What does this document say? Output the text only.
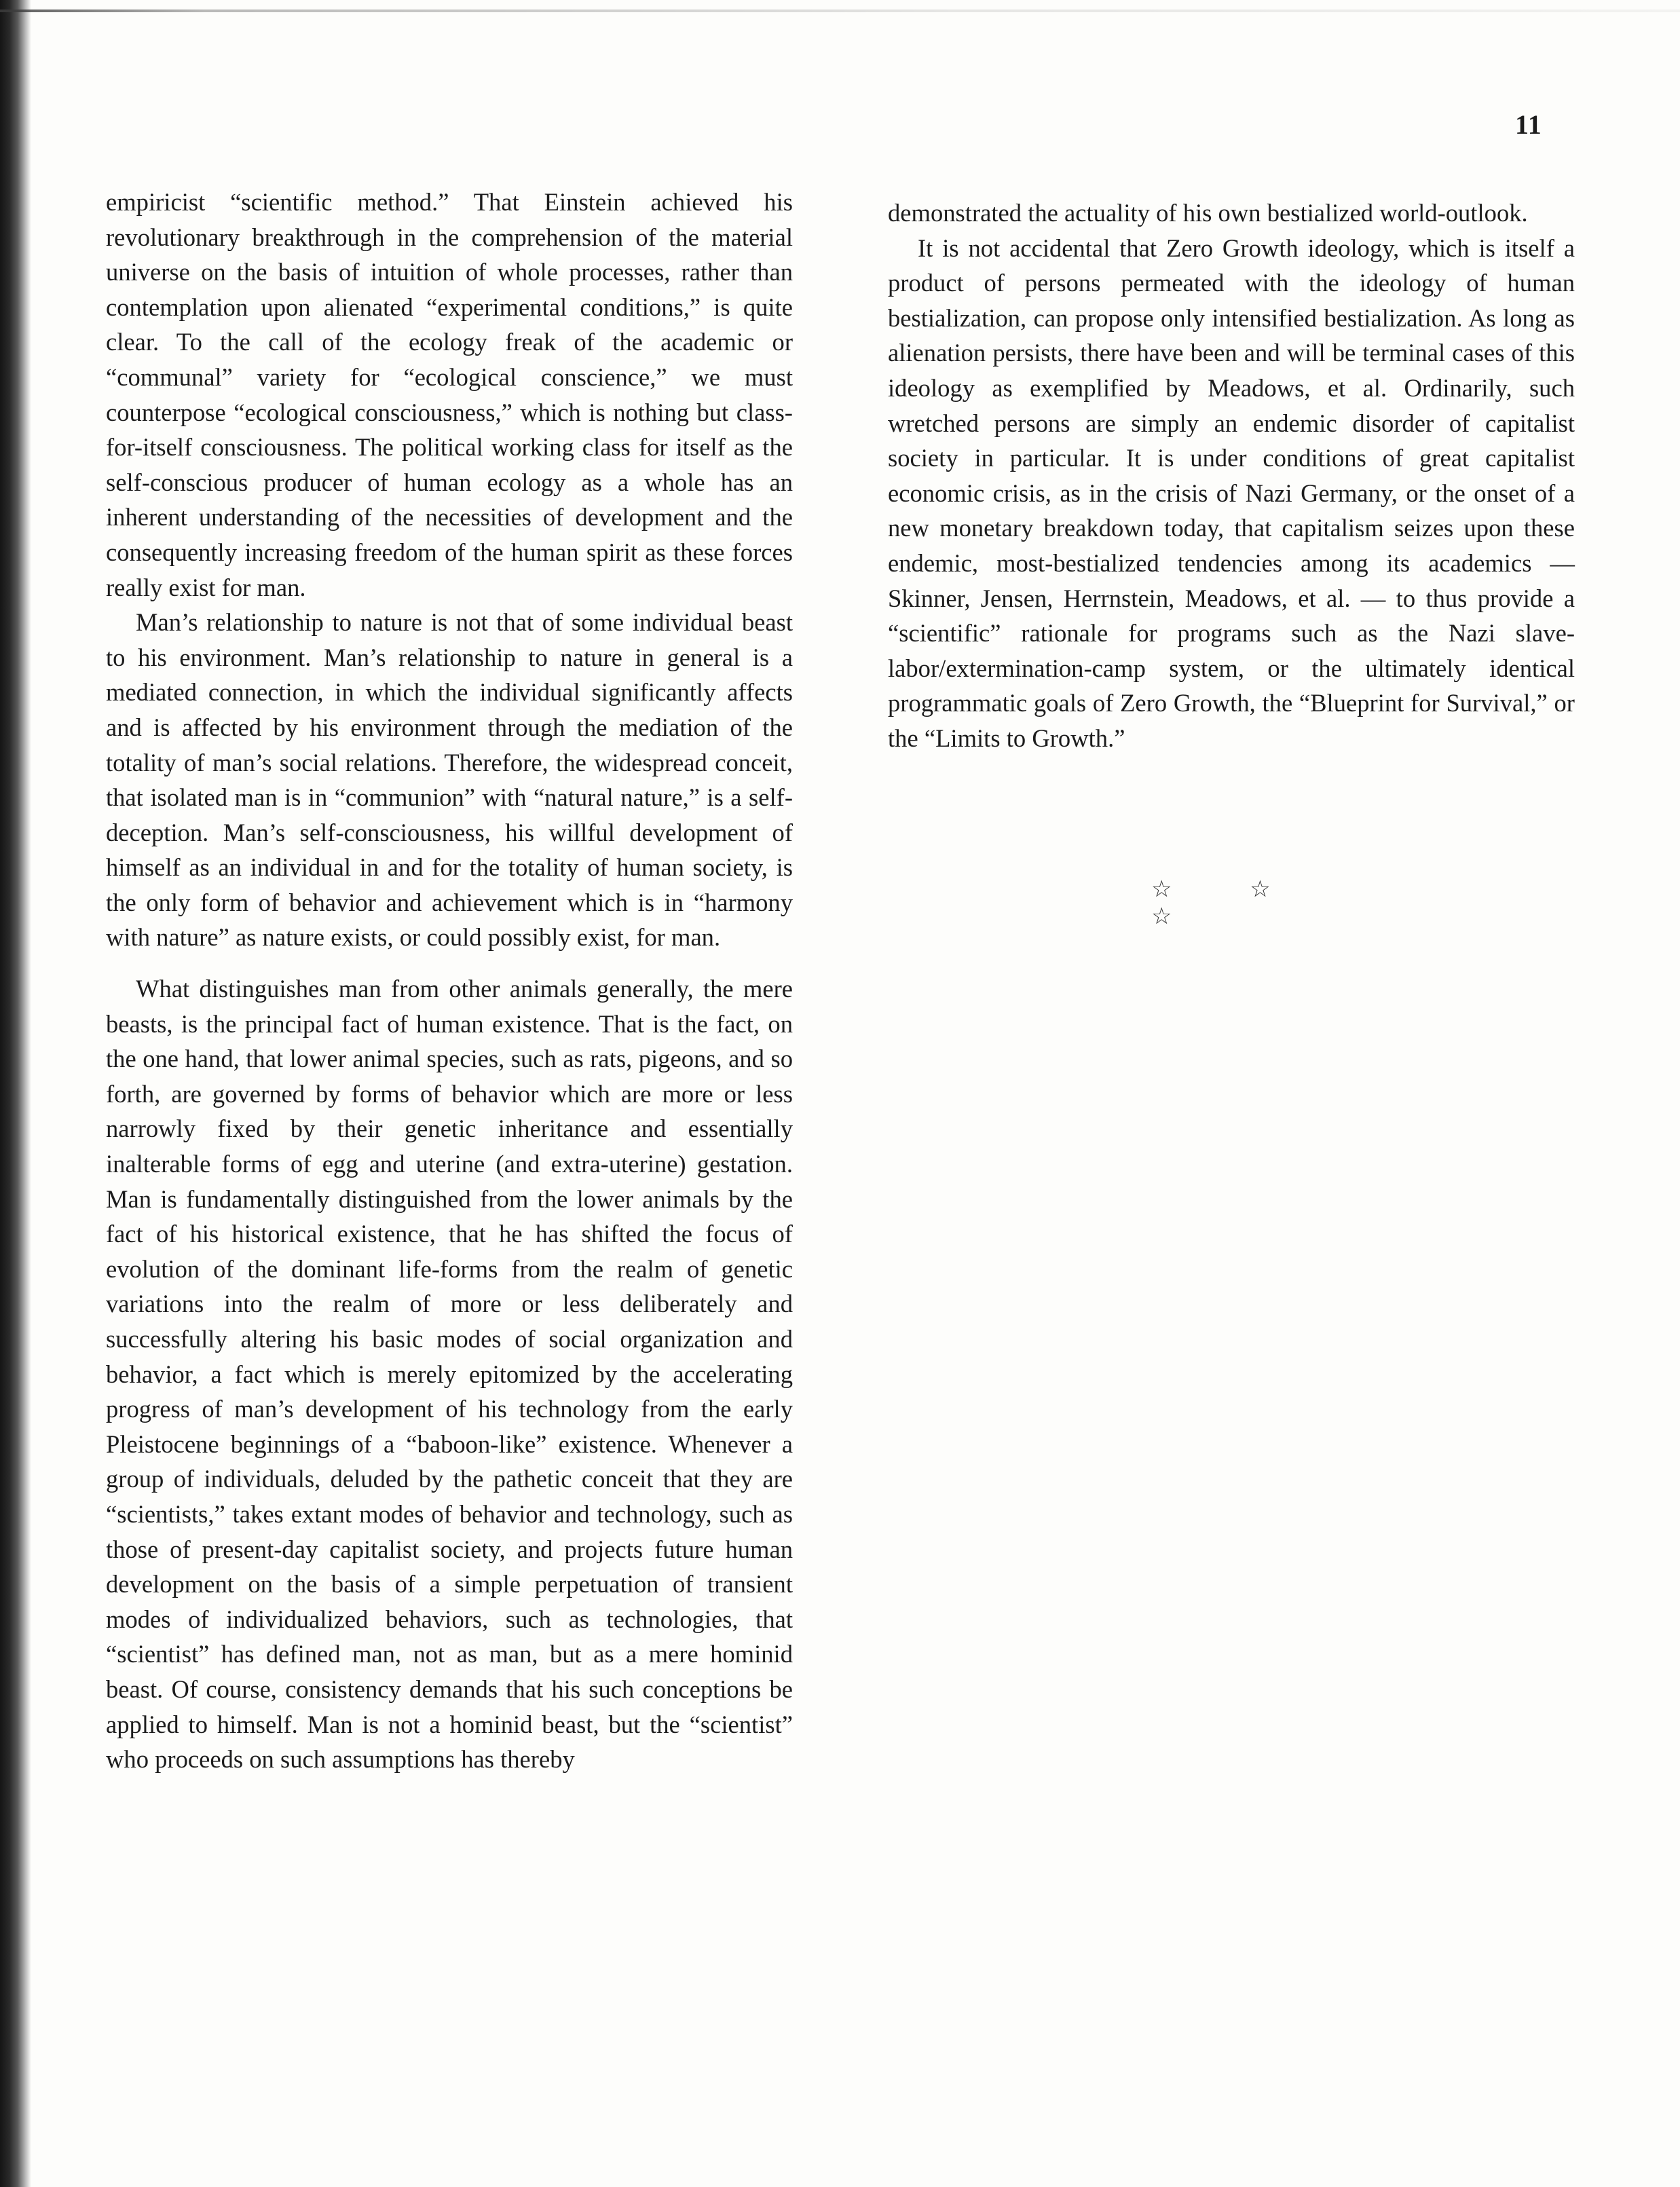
11

empiricist “scientific method.” That Einstein achieved his revolutionary breakthrough in the comprehension of the material universe on the basis of intuition of whole processes, rather than contemplation upon alienated “experimental conditions,” is quite clear. To the call of the ecology freak of the academic or “communal” variety for “ecological conscience,” we must counterpose “ecological consciousness,” which is nothing but class-for-itself consciousness. The political working class for itself as the self-conscious producer of human ecology as a whole has an inherent understanding of the necessities of development and the consequently increasing freedom of the human spirit as these forces really exist for man.

Man’s relationship to nature is not that of some individual beast to his environment. Man’s relationship to nature in general is a mediated connection, in which the individual significantly affects and is affected by his environment through the mediation of the totality of man’s social relations. Therefore, the widespread conceit, that isolated man is in “communion” with “natural nature,” is a self-deception. Man’s self-consciousness, his willful development of himself as an individual in and for the totality of human society, is the only form of behavior and achievement which is in “harmony with nature” as nature exists, or could possibly exist, for man.

What distinguishes man from other animals generally, the mere beasts, is the principal fact of human existence. That is the fact, on the one hand, that lower animal species, such as rats, pigeons, and so forth, are governed by forms of behavior which are more or less narrowly fixed by their genetic inheritance and essentially inalterable forms of egg and uterine (and extra-uterine) gestation. Man is fundamentally distinguished from the lower animals by the fact of his historical existence, that he has shifted the focus of evolution of the dominant life-forms from the realm of genetic variations into the realm of more or less deliberately and successfully altering his basic modes of social organization and behavior, a fact which is merely epitomized by the accelerating progress of man’s development of his technology from the early Pleistocene beginnings of a “baboon-like” existence. Whenever a group of individuals, deluded by the pathetic conceit that they are “scientists,” takes extant modes of behavior and technology, such as those of present-day capitalist society, and projects future human development on the basis of a simple perpetuation of transient modes of individualized behaviors, such as technologies, that “scientist” has defined man, not as man, but as a mere hominid beast. Of course, consistency demands that his such conceptions be applied to himself. Man is not a hominid beast, but the “scientist” who proceeds on such assumptions has thereby

demonstrated the actuality of his own bestialized world-outlook.

It is not accidental that Zero Growth ideology, which is itself a product of persons permeated with the ideology of human bestialization, can propose only intensified bestialization. As long as alienation persists, there have been and will be terminal cases of this ideology as exemplified by Meadows, et al. Ordinarily, such wretched persons are simply an endemic disorder of capitalist society in particular. It is under conditions of great capitalist economic crisis, as in the crisis of Nazi Germany, or the onset of a new monetary breakdown today, that capitalism seizes upon these endemic, most-bestialized tendencies among its academics — Skinner, Jensen, Herrnstein, Meadows, et al. — to thus provide a “scientific” rationale for programs such as the Nazi slave-labor/extermination-camp system, or the ultimately identical programmatic goals of Zero Growth, the “Blueprint for Survival,” or the “Limits to Growth.”

☆ ☆ ☆
